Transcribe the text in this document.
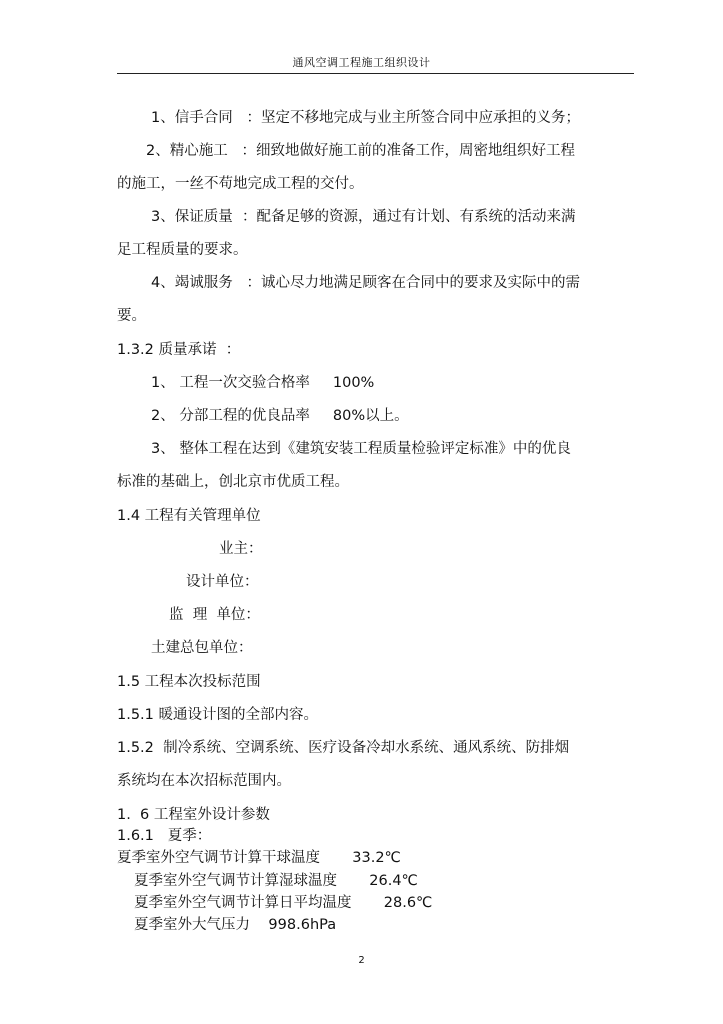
通风空调工程施工组织设计
1、信手合同   ：坚定不移地完成与业主所签合同中应承担的义务；
2、精心施工   ：细致地做好施工前的准备工作，周密地组织好工程
的施工，一丝不苟地完成工程的交付。
3、保证质量  ：配备足够的资源，通过有计划、有系统的活动来满
足工程质量的要求。
4、竭诚服务   ：诚心尽力地满足顾客在合同中的要求及实际中的需
要。
1.3.2 质量承诺  ：
1、 工程一次交验合格率     100%
2、 分部工程的优良品率     80%以上。
3、 整体工程在达到《建筑安装工程质量检验评定标准》中的优良
标准的基础上，创北京市优质工程。
1.4 工程有关管理单位
业主：
设计单位：
监  理  单位：
土建总包单位：
1.5 工程本次投标范围
1.5.1 暖通设计图的全部内容。
1.5.2  制冷系统、空调系统、医疗设备冷却水系统、通风系统、防排烟
系统均在本次招标范围内。
1.  6 工程室外设计参数
1.6.1   夏季：
夏季室外空气调节计算干球温度       33.2℃
夏季室外空气调节计算湿球温度       26.4℃
夏季室外空气调节计算日平均温度       28.6℃
夏季室外大气压力    998.6hPa
2
